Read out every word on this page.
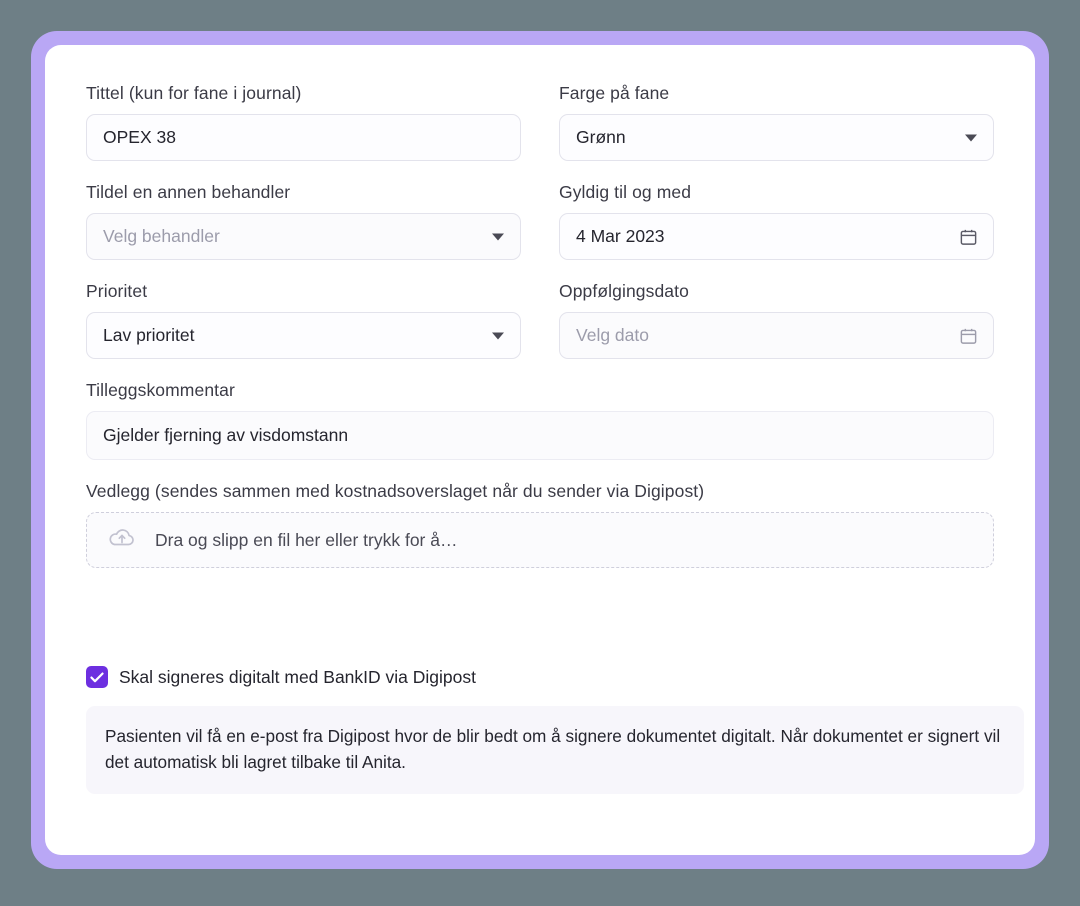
Tittel (kun for fane i journal)
OPEX 38
Farge på fane
Grønn
Tildel en annen behandler
Velg behandler
Gyldig til og med
4 Mar 2023
Prioritet
Lav prioritet
Oppfølgingsdato
Velg dato
Tilleggskommentar
Gjelder fjerning av visdomstann
Vedlegg (sendes sammen med kostnadsoverslaget når du sender via Digipost)
Dra og slipp en fil her eller trykk for å…
Skal signeres digitalt med BankID via Digipost
Pasienten vil få en e-post fra Digipost hvor de blir bedt om å signere dokumentet digitalt. Når dokumentet er signert vil det automatisk bli lagret tilbake til Anita.
